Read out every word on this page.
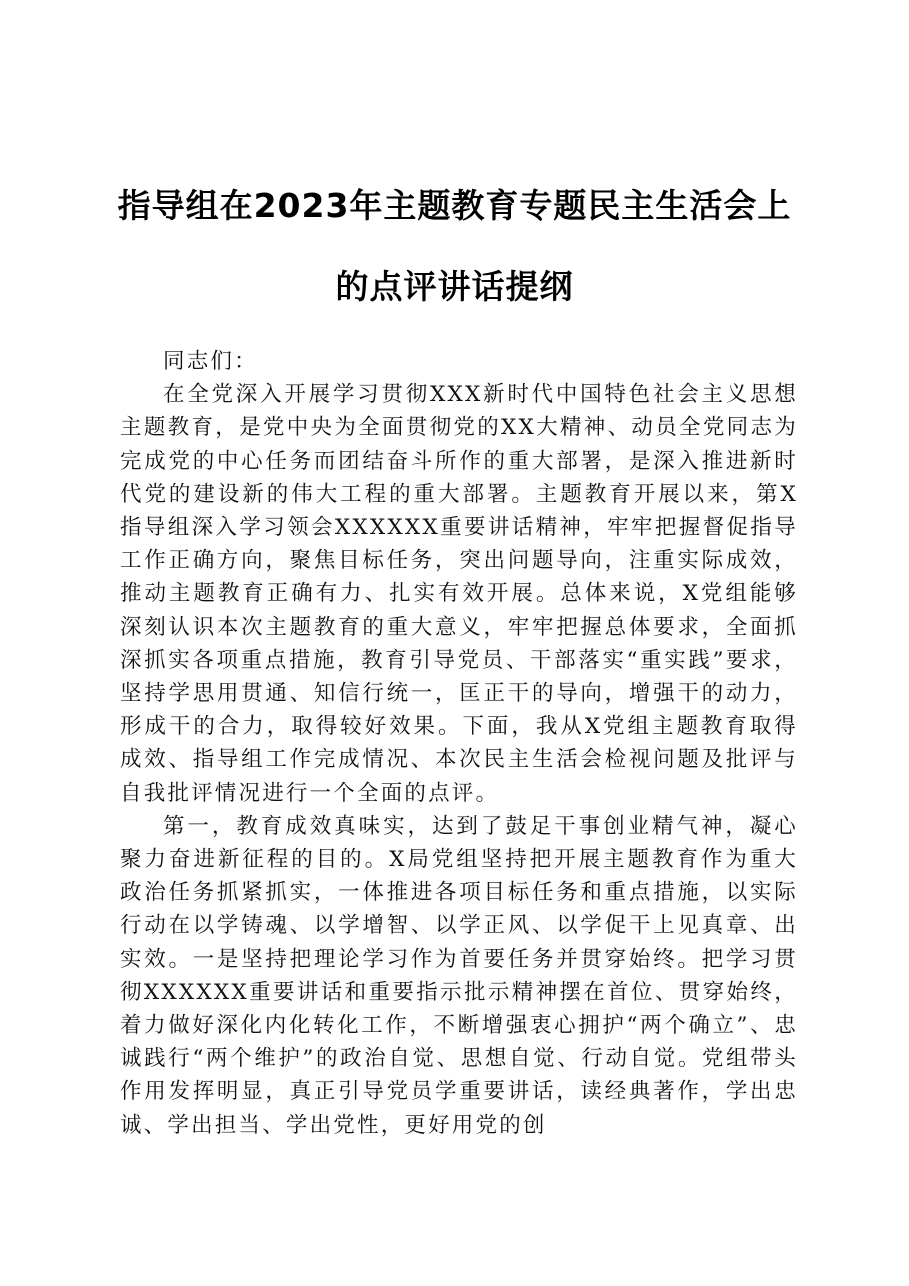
指导组在2023年主题教育专题民主生活会上
的点评讲话提纲

同志们：

在全党深入开展学习贯彻XXX新时代中国特色社会主义思想主题教育，是党中央为全面贯彻党的XX大精神、动员全党同志为完成党的中心任务而团结奋斗所作的重大部署，是深入推进新时代党的建设新的伟大工程的重大部署。主题教育开展以来，第X指导组深入学习领会XXXXXX重要讲话精神，牢牢把握督促指导工作正确方向，聚焦目标任务，突出问题导向，注重实际成效，推动主题教育正确有力、扎实有效开展。总体来说，X党组能够深刻认识本次主题教育的重大意义，牢牢把握总体要求，全面抓深抓实各项重点措施，教育引导党员、干部落实“重实践”要求，坚持学思用贯通、知信行统一，匡正干的导向，增强干的动力，形成干的合力，取得较好效果。下面，我从X党组主题教育取得成效、指导组工作完成情况、本次民主生活会检视问题及批评与自我批评情况进行一个全面的点评。

第一，教育成效真味实，达到了鼓足干事创业精气神，凝心聚力奋进新征程的目的。X局党组坚持把开展主题教育作为重大政治任务抓紧抓实，一体推进各项目标任务和重点措施，以实际行动在以学铸魂、以学增智、以学正风、以学促干上见真章、出实效。一是坚持把理论学习作为首要任务并贯穿始终。把学习贯彻XXXXXX重要讲话和重要指示批示精神摆在首位、贯穿始终，着力做好深化内化转化工作，不断增强衷心拥护“两个确立”、忠诚践行“两个维护”的政治自觉、思想自觉、行动自觉。党组带头作用发挥明显，真正引导党员学重要讲话，读经典著作，学出忠诚、学出担当、学出党性，更好用党的创
